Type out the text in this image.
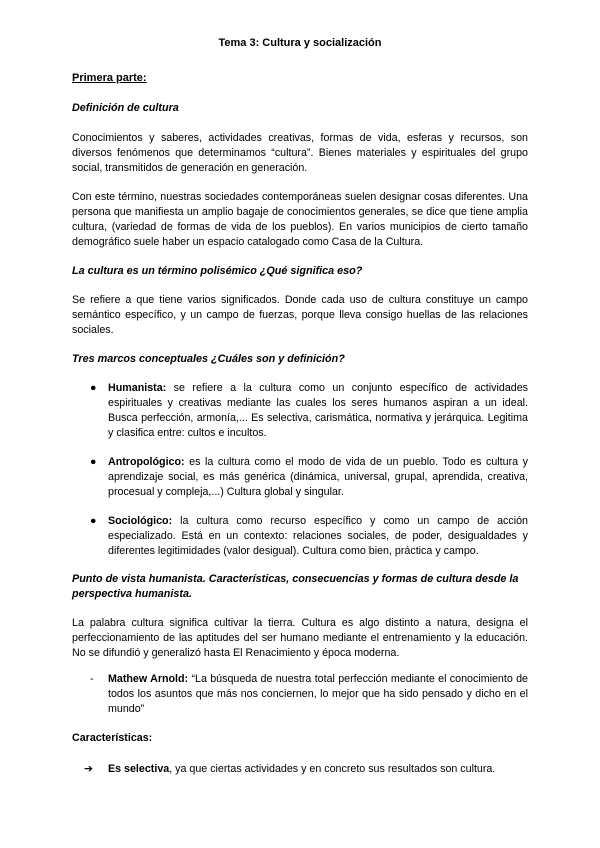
Tema 3: Cultura y socialización
Primera parte:
Definición de cultura
Conocimientos y saberes, actividades creativas, formas de vida, esferas y recursos, son diversos fenómenos que determinamos “cultura”. Bienes materiales y espirituales del grupo social, transmitidos de generación en generación.
Con este término, nuestras sociedades contemporáneas suelen designar cosas diferentes. Una persona que manifiesta un amplio bagaje de conocimientos generales, se dice que tiene amplia cultura, (variedad de formas de vida de los pueblos). En varios municipios de cierto tamaño demográfico suele haber un espacio catalogado como Casa de la Cultura.
La cultura es un término polisémico ¿Qué significa eso?
Se refiere a que tiene varios significados. Donde cada uso de cultura constituye un campo semántico específico, y un campo de fuerzas, porque lleva consigo huellas de las relaciones sociales.
Tres marcos conceptuales ¿Cuáles son y definición?
● Humanista: se refiere a la cultura como un conjunto específico de actividades espirituales y creativas mediante las cuales los seres humanos aspiran a un ideal. Busca perfección, armonía,... Es selectiva, carismática, normativa y jerárquica. Legitima y clasifica entre: cultos e incultos.
● Antropológico: es la cultura como el modo de vida de un pueblo. Todo es cultura y aprendizaje social, es más genérica (dinámica, universal, grupal, aprendida, creativa, procesual y compleja,...) Cultura global y singular.
● Sociológico: la cultura como recurso específico y como un campo de acción especializado. Está en un contexto: relaciones sociales, de poder, desigualdades y diferentes legitimidades (valor desigual). Cultura como bien, práctica y campo.
Punto de vista humanista. Características, consecuencias y formas de cultura desde la perspectiva humanista.
La palabra cultura significa cultivar la tierra. Cultura es algo distinto a natura, designa el perfeccionamiento de las aptitudes del ser humano mediante el entrenamiento y la educación. No se difundió y generalizó hasta El Renacimiento y época moderna.
- Mathew Arnold: “La búsqueda de nuestra total perfección mediante el conocimiento de todos los asuntos que más nos conciernen, lo mejor que ha sido pensado y dicho en el mundo”
Características:
➔ Es selectiva, ya que ciertas actividades y en concreto sus resultados son cultura.
